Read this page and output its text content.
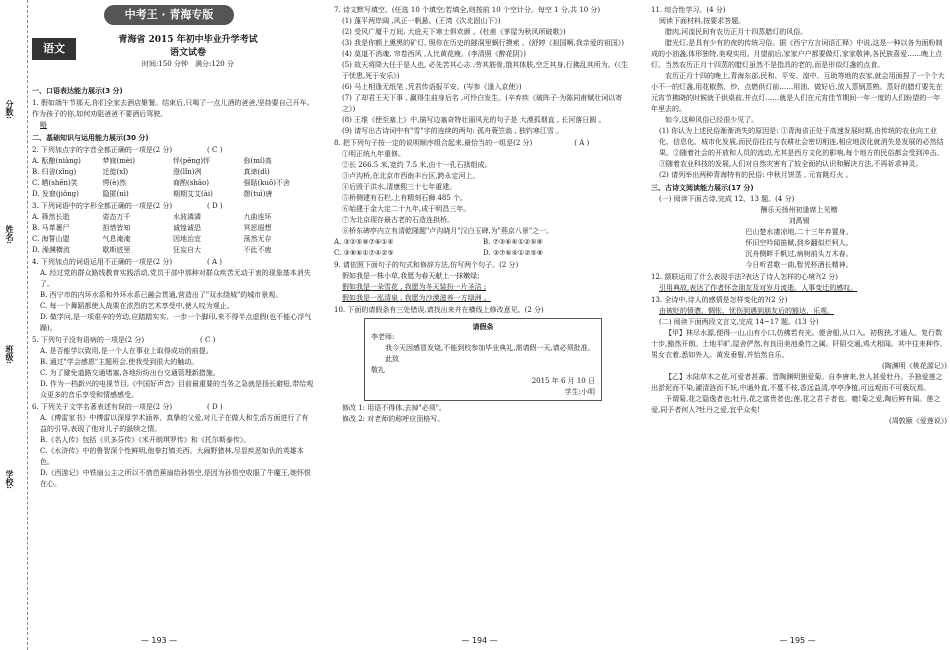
分数:
姓名:
班级:
学校:
中考王 · 青海专版
语文
青海省 2015 年初中毕业升学考试
语文试卷
时间:150 分钟　满分:120 分
一、口语表达能力展示(3 分)
1. 假如端午节那天,你们全家去酒店聚餐。结束后,只喝了一点儿酒的爸爸,坚持要自己开车。作为孩子的你,如何劝阻爸爸不要酒后驾驶。
略
二、基础知识与运用能力展示(30 分)
2. 下列加点字的字音全都正确的一项是(2 分)　　　　　( C )
A. 酝酿(niàng)	梦寐(mèi)	怦(pēng)怦	弥(mí)高
B. 归省(xǐng)	迁徙(xǐ)	澄(lǐn)冽	真谛(dì)
C. 晒(shěn)笑	愕(è)然	商酌(shāo)	强聒(kuō)不舍
D. 发窘(jiǒng)	隐匿(nì)	期期艾艾(ài)	憩(tuì)唐
3. 下列词语中的字形全都正确的一项是(2 分)　　　　　( D )
A. 箨然长逝	姿态万千	水波潾潾	九曲连环
B. 马革裹尸	担惜皆知	诚惶诚恐	冥思遐想
C. 海誓山盟	气息淹淹	因地治宜	荡然无存
D. 澡渊横流	歇斯底里	狂妄自大	不此不疲
4. 下列加点的词语运用不正确的一项是(2 分)　　　　　( A )
A. 经过党的群众路线教育实践活动,党员干部中那种对群众疾苦无动于衷的现象基本消失了。
B. 西宁市的内环水系和外环水系已融会贯通,营造出了"双水绕城"的城市景观。
C. 每一个舞蹈都使人战栗在浓烈的艺术享受中,使人叹为观止。
D. 做学问,是一项艰辛的劳动,应踏踏实实、一步一个脚印,来不得半点虚假(也不能心浮气躁)。
5. 下列句子没有语病的一项是(2 分)　　　　　　　　( C )
A. 是否能学以致用,是一个人在事业上取得成功的前提。
B. 通过"学会感恩"主题班会,使我受到很大的触动。
C. 为了避免道路交通堵塞,各地纷纷出台交通管理新措施。
D. 作为一档新兴的电视节目,《中国好声音》目前最重要的当务之急就是扬长避短,带给观众更多的音乐享受和情感感受。
6. 下列关于文学名著表述有误的一项是(2 分)　　　　　( D )
A.《傅雷家书》中傅雷以深厚学术涵养、真挚的父爱,对儿子在做人和生活方面进行了有益的引导,表现了他对儿子的舐犊之情。
B.《名人传》包括《贝多芬传》《米开朗琪罗传》和《托尔斯泰传》。
C.《水浒传》中的鲁智深个性鲜明,他拳打镇关西、大闹野猪林,尽显疾恶如仇的英雄本色。
D.《西游记》中铁扇公主之所以不借芭蕉扇给孙悟空,是因为孙悟空收服了牛魔王,她怀恨在心。
— 193 —
7. 诗文默写填空。(任选 10 个填空;若填全,则按前 10 个空计分。每空 1 分,共 10 分)
(1) 蓬平两岸阔 ,风正一帆悬。(王湾《次北固山下》)
(2) 受风广厦千万间, 大庇天下寒士俱欢颜 。(杜甫《茅屋为秋风所破歌》)
(3) 我是你额上熏黑的矿灯, 照你在历史的隧洞里蜗行摸索 。(舒婷《祖国啊,我亲爱的祖国》)
(4) 莫道不消魂, 帘卷西风 ,人比黄花瘦。(李清照《醉花阴》)
(5) 故天将降大任于是人也, 必先苦其心志 ,劳其筋骨,饿其体肤,空乏其身,行拂乱其所为。(《生于忧患,死于安乐》)
(6) 马上相逢无纸笔 ,凭君传语报平安。(岑参《逢入京使》)
(7) 了却君王天下事 , 赢得生前身后名 ,可怜白发生。(辛弃疾《破阵子·为陈同甫赋壮词以寄之》)
(8) 王维《使至塞上》中,描写边塞奇特壮丽风光的句子是 大漠孤烟直 , 长河落日圆 。
(9) 请写出古诗词中有"雪"字的连续的两句: 孤舟蓑笠翁 , 独钓寒江雪 。
8. 把下列句子按一定的说明顺序组合起来,最恰当的一组是(2 分)　　　　　　( A )
①明正统九年重修。
②长 266.5 米,宽约 7.5 米,由十一孔石拱组成。
③卢沟桥,在北京市西南丰台区,跨永定河上。
④后毁于洪水,清康熙三十七年重建。
⑤桥侧建有石栏,上有精刻石狮 485 个。
⑥始建于金大定二十九年,成于明昌三年。
⑦为北京现存最古老的石造连拱桥。
⑧桥东碑亭内立有清乾隆题"卢沟晓月"汉白玉碑,为"燕京八景"之一。
A. ③②⑤⑧⑦⑥①④	B. ⑦③⑥④①②⑤⑧
C. ③⑧⑥①⑦④②⑤	D. ③⑦⑥④①②⑤⑧
9. 请依照下面句子的句式和修辞方法,仿写两个句子。(2 分)
假如我是一株小草,我愿为春天献上一抹嫩绿;
假如我是一朵雪花 , 我愿为冬天装扮一片圣洁 ;
假如我是一泓清泉 , 我愿为沙漠滋养一方绿洲 。
10. 下面的请假条有三处错误,请找出来并在横线上修改意见。(2 分)
请假条
李老师:
我今天因感冒发烧,不能到校参加毕业典礼,需请假一天,请必须批准。
此致
敬礼
2015 年 6 月 10 日
学生:小明
修改 1: 用语不得体,去掉"必须"。
修改 2: 对老师的称呼应顶格写。
— 194 —
11. 综合性学习。(4 分)
阅读下面材料,按要求答题。
腊肉,河湟民间有农历正月十四蒸腊灯的风俗。
腊光灯,是具有少有的夜的传统习俗。据《西宁方言词语汇释》中说,这是一种以各为面粉制成的小油盏,体形独特,美观实用。月望前后,家家户户都要做灯,家家敬神,各民族喜爱……晚上点灯。当然农历正月十四蒸的腊灯虽然不是指具的老的,而是形似灯盏的点食。
农历正月十四的晚上,青海东部,民和、平安、湟中、互助等地的农家,就会用面捏了一个个大小不一的灯盏,用花椒熬、炒、点燃供灯前……用油、做好后,放人蒸锅蒸熟。蒸好的腊灯要先在元宵节拂晓的时候就于供桌前,并点灯……就是人们在元宵佳节期间一年一度的人们盼望的一年年里去的。
如今,这种风俗已经很少见了。
(1) 你认为上述民俗渐渐消失的原因是: ①青海省正处于高速发展时期,由传统的农业向工业化、信息化、城市化发展,而民俗往往与农耕社会密切相连,相应地淡化就消失是发展的必然结果。②随着社会的开放和人员的流动,尤其是西方文化的影响,每个地方的民俗都会受到冲击。③随着农业科技的发展,人们对自然灾害有了较全面的认识和解决方法,不再祈求神灵。
(2) 请列举出两种青海特有的民俗: 中秋月饼蒸 , 元宵跳灯火 。
三、古诗文阅读能力展示(17 分)
(一) 阅读下面古诗,完成 12、13 题。(4 分)
酬乐天扬州初逢席上见赠
刘禹锡
巴山楚水凄凉地,二十三年弃置身。
怀旧空吟闻笛赋,到乡翻似烂柯人。
沉舟侧畔千帆过,病树前头万木春。
今日听君歌一曲,暂凭杯酒长精神。
12. 颔联运用了什么表现手法?表达了诗人怎样的心境?(2 分)
引用典故,表达了作者怀念朋友及对岁月流逝、人事变迁的感叹。
13. 全诗中,诗人的感情是怎样变化的?(2 分)
由被贬的愤懑、惆怅、忧伤到遇到朋友后的豁达、乐观。
(二) 阅读下面两段文言文,完成 14~17 题。(13 分)
【甲】林尽水源,便得一山,山有小口,仿佛若有光。便舍船,从口入。初极狭,才通人。复行数十步,豁然开朗。土地平旷,屋舍俨然,有良田美池桑竹之属。阡陌交通,鸡犬相闻。其中往来种作,男女衣着,悉如外人。黄发垂髫,并怡然自乐。
(陶渊明《桃花源记》)
【乙】水陆草木之花,可爱者甚蕃。晋陶渊明独爱菊。自李唐来,世人甚爱牡丹。予独爱莲之出淤泥而不染,濯清涟而不妖,中通外直,不蔓不枝,香远益清,亭亭净植,可远观而不可亵玩焉。
予谓菊,花之隐逸者也;牡丹,花之富贵者也;莲,花之君子者也。噫!菊之爱,陶后鲜有闻。莲之爱,同予者何人?牡丹之爱,宜乎众矣!
(周敦颐《爱莲说》)
— 195 —
